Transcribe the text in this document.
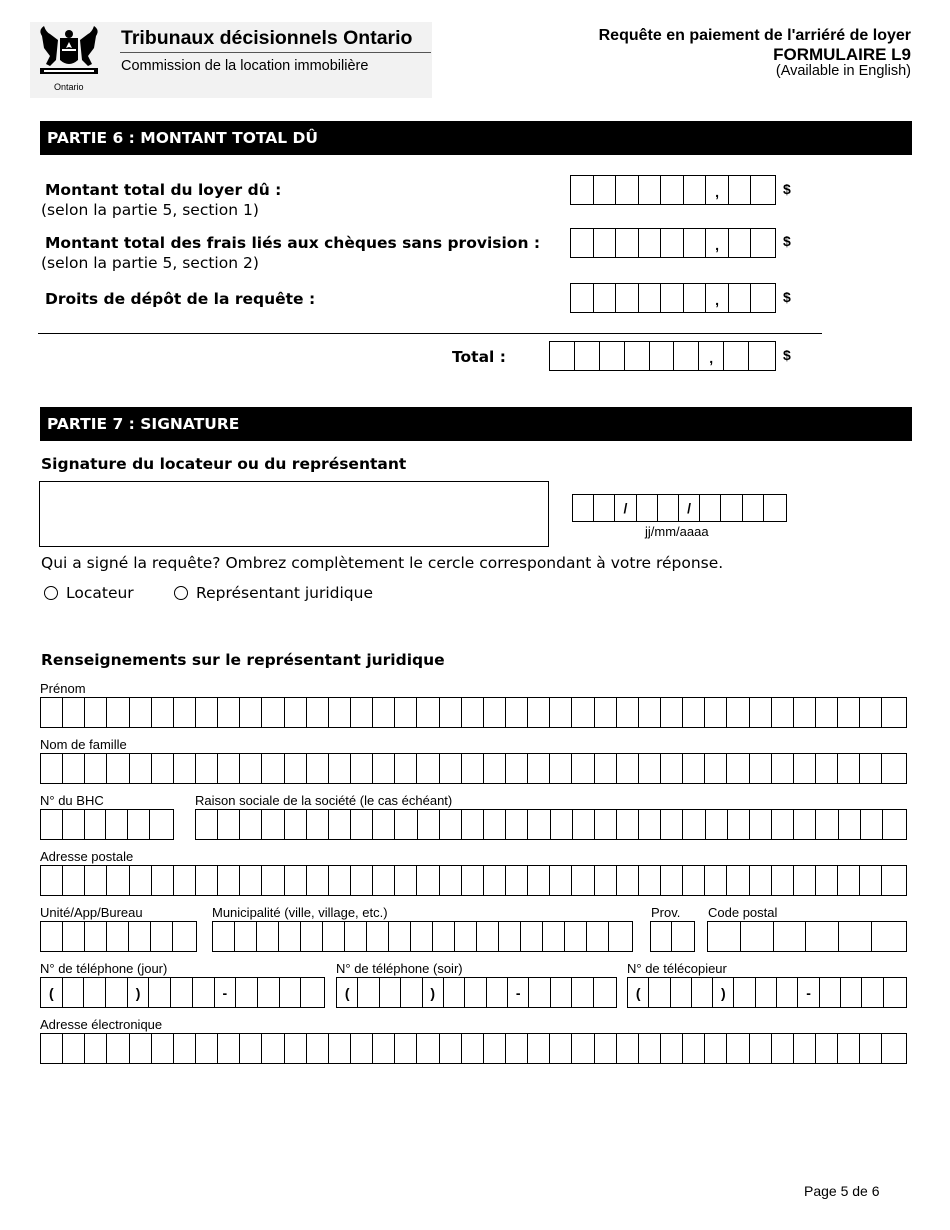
Ontario
Tribunaux décisionnels Ontario
Commission de la location immobilière
Requête en paiement de l'arriéré de loyer
FORMULAIRE L9
(Available in English)
PARTIE 6 : MONTANT TOTAL DÛ
Montant total du loyer dû :
(selon la partie 5, section 1)
,	$
Montant total des frais liés aux chèques sans provision :
(selon la partie 5, section 2)
,	$
Droits de dépôt de la requête :	,	$
Total :	,	$
PARTIE 7 : SIGNATURE
Signature du locateur ou du représentant
/	/
jj/mm/aaaa
Qui a signé la requête? Ombrez complètement le cercle correspondant à votre réponse.
Locateur	Représentant juridique
Renseignements sur le représentant juridique
Prénom
Nom de famille
N° du BHC	Raison sociale de la société (le cas échéant)
Adresse postale
Unité/App/Bureau	Municipalité (ville, village, etc.)	Prov. Code postal
N° de téléphone (jour)
(	)	-
N° de téléphone (soir)
(	)	-
N° de télécopieur
(	)	-
Adresse électronique
Page 5 de 6
